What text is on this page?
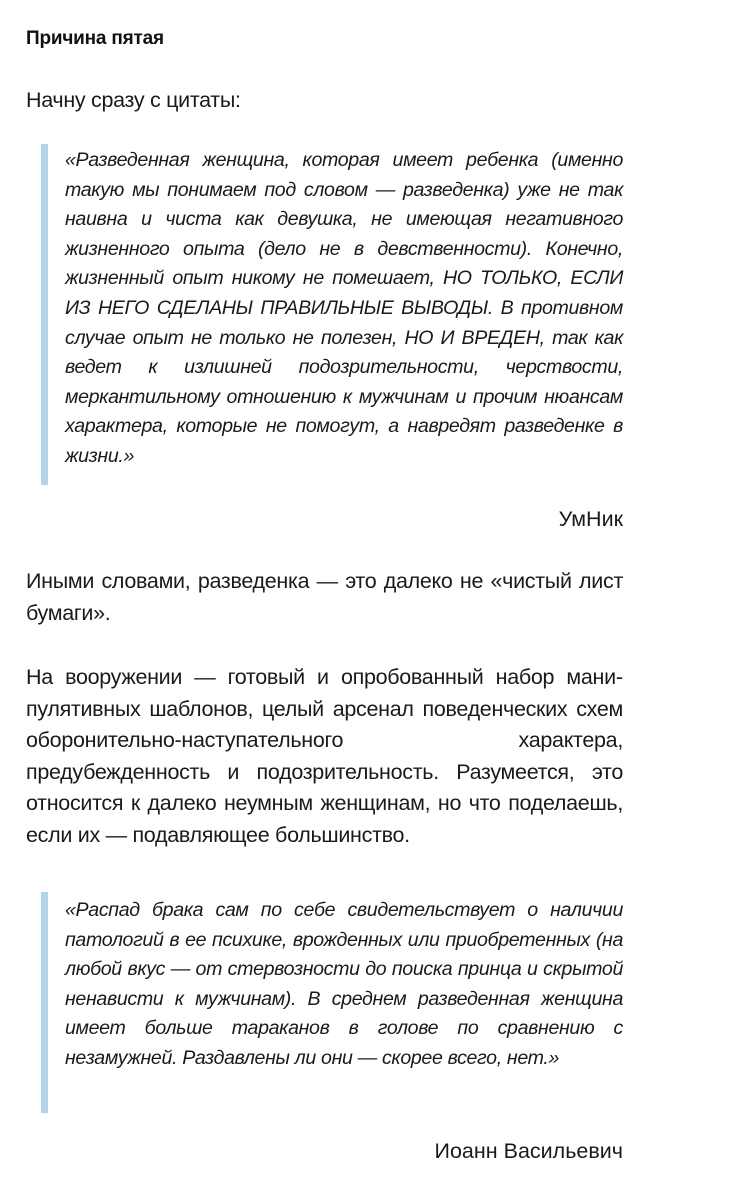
Причина пятая

Начну сразу с цитаты:

«Разведенная женщина, которая имеет ребенка (именно такую мы понимаем под словом — разведенка) уже не так наивна и чиста как девушка, не имеющая негативного жизненного опыта (дело не в девственности). Конечно, жизненный опыт никому не помешает, НО ТОЛЬКО, ЕСЛИ ИЗ НЕГО СДЕЛАНЫ ПРАВИЛЬНЫЕ ВЫВОДЫ. В противном случае опыт не только не полезен, НО И ВРЕДЕН, так как ведет к излишней подозрительности, черствости, меркантильному отношению к мужчинам и прочим нюансам характера, которые не помогут, а навредят разведенке в жизни.»

УмНик

Иными словами, разведенка — это далеко не «чистый лист бумаги».

На вооружении — готовый и опробованный набор манипулятивных шаблонов, целый арсенал поведенческих схем оборонительно-наступательного характера, предубежденность и подозрительность. Разумеется, это относится к далеко неумным женщинам, но что поделаешь, если их — подавляющее большинство.

«Распад брака сам по себе свидетельствует о наличии патологий в ее психике, врожденных или приобретенных (на любой вкус — от стервозности до поиска принца и скрытой ненависти к мужчинам). В среднем разведенная женщина имеет больше тараканов в голове по сравнению с незамужней. Раздавлены ли они — скорее всего, нет.»

Иоанн Васильевич
